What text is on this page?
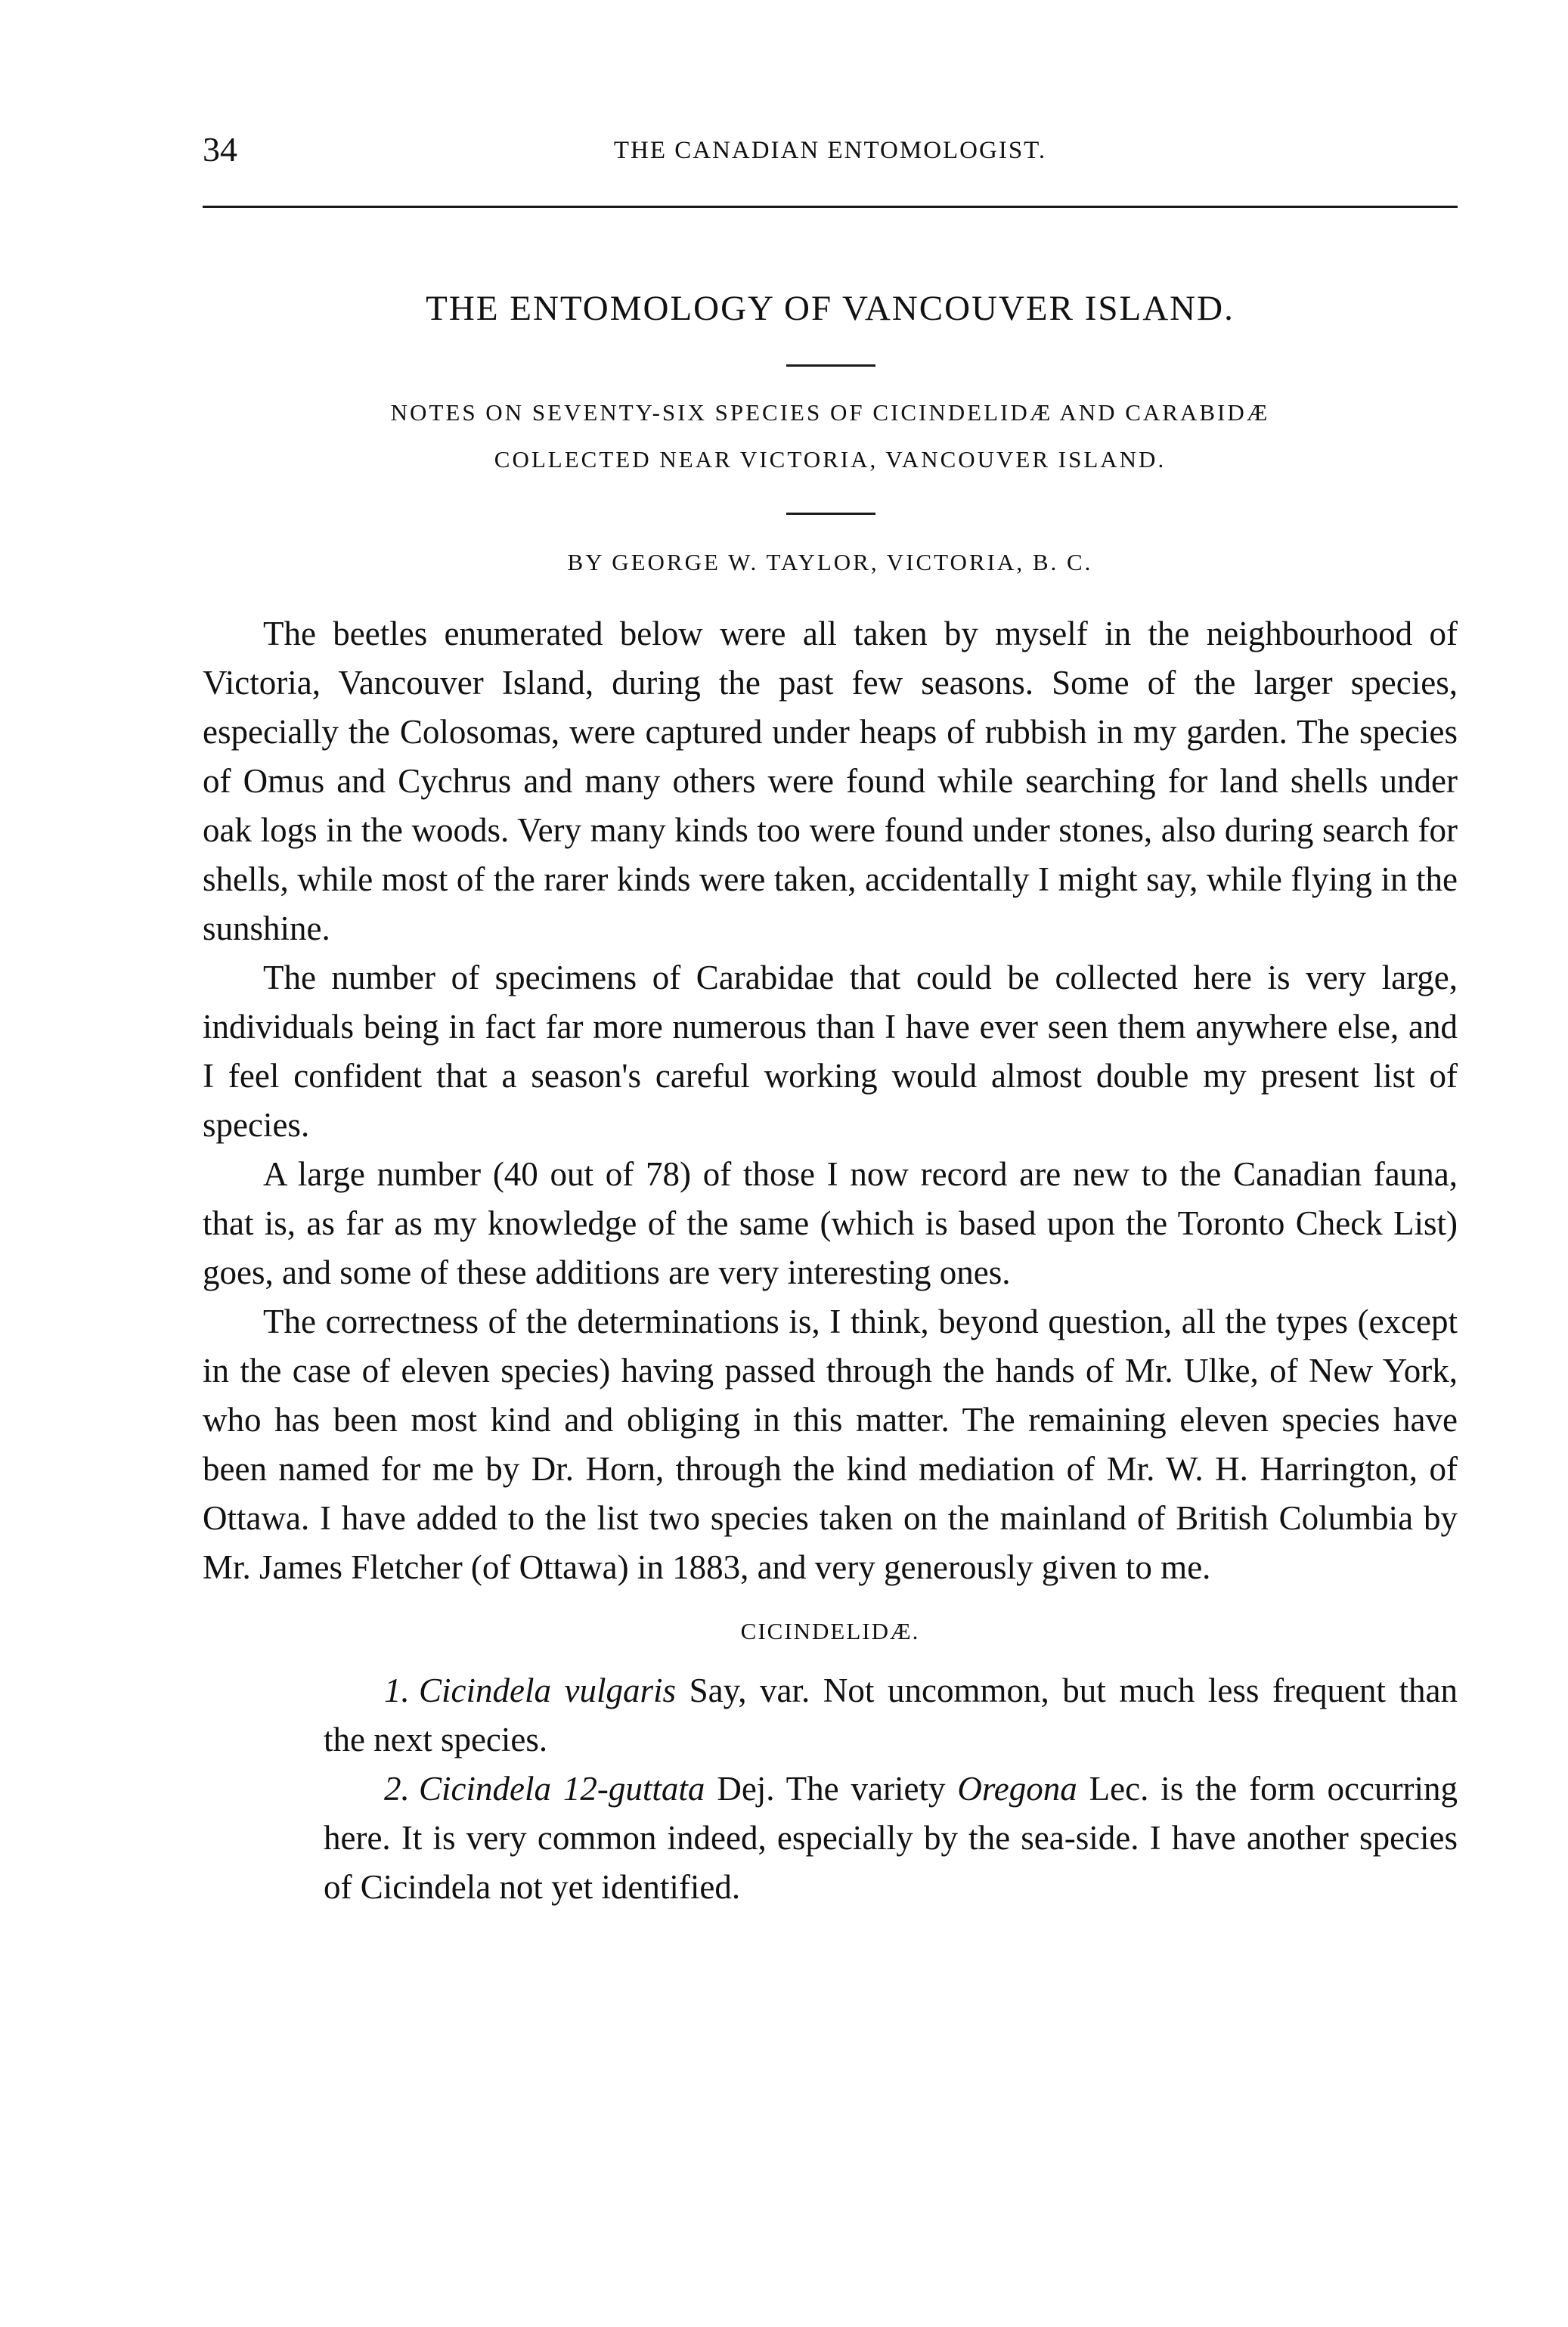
34	THE CANADIAN ENTOMOLOGIST.
THE ENTOMOLOGY OF VANCOUVER ISLAND.
NOTES ON SEVENTY-SIX SPECIES OF CICINDELIDÆ AND CARABIDÆ
COLLECTED NEAR VICTORIA, VANCOUVER ISLAND.
BY GEORGE W. TAYLOR, VICTORIA, B. C.

The beetles enumerated below were all taken by myself in the neighbourhood of Victoria, Vancouver Island, during the past few seasons. Some of the larger species, especially the Colosomas, were captured under heaps of rubbish in my garden. The species of Omus and Cychrus and many others were found while searching for land shells under oak logs in the woods. Very many kinds too were found under stones, also during search for shells, while most of the rarer kinds were taken, accidentally I might say, while flying in the sunshine.

The number of specimens of Carabidae that could be collected here is very large, individuals being in fact far more numerous than I have ever seen them anywhere else, and I feel confident that a season's careful working would almost double my present list of species.

A large number (40 out of 78) of those I now record are new to the Canadian fauna, that is, as far as my knowledge of the same (which is based upon the Toronto Check List) goes, and some of these additions are very interesting ones.

The correctness of the determinations is, I think, beyond question, all the types (except in the case of eleven species) having passed through the hands of Mr. Ulke, of New York, who has been most kind and obliging in this matter. The remaining eleven species have been named for me by Dr. Horn, through the kind mediation of Mr. W. H. Harrington, of Ottawa. I have added to the list two species taken on the mainland of British Columbia by Mr. James Fletcher (of Ottawa) in 1883, and very generously given to me.

CICINDELIDÆ.

1. Cicindela vulgaris Say, var. Not uncommon, but much less frequent than the next species.

2. Cicindela 12-guttata Dej. The variety Oregona Lec. is the form occurring here. It is very common indeed, especially by the sea-side. I have another species of Cicindela not yet identified.
